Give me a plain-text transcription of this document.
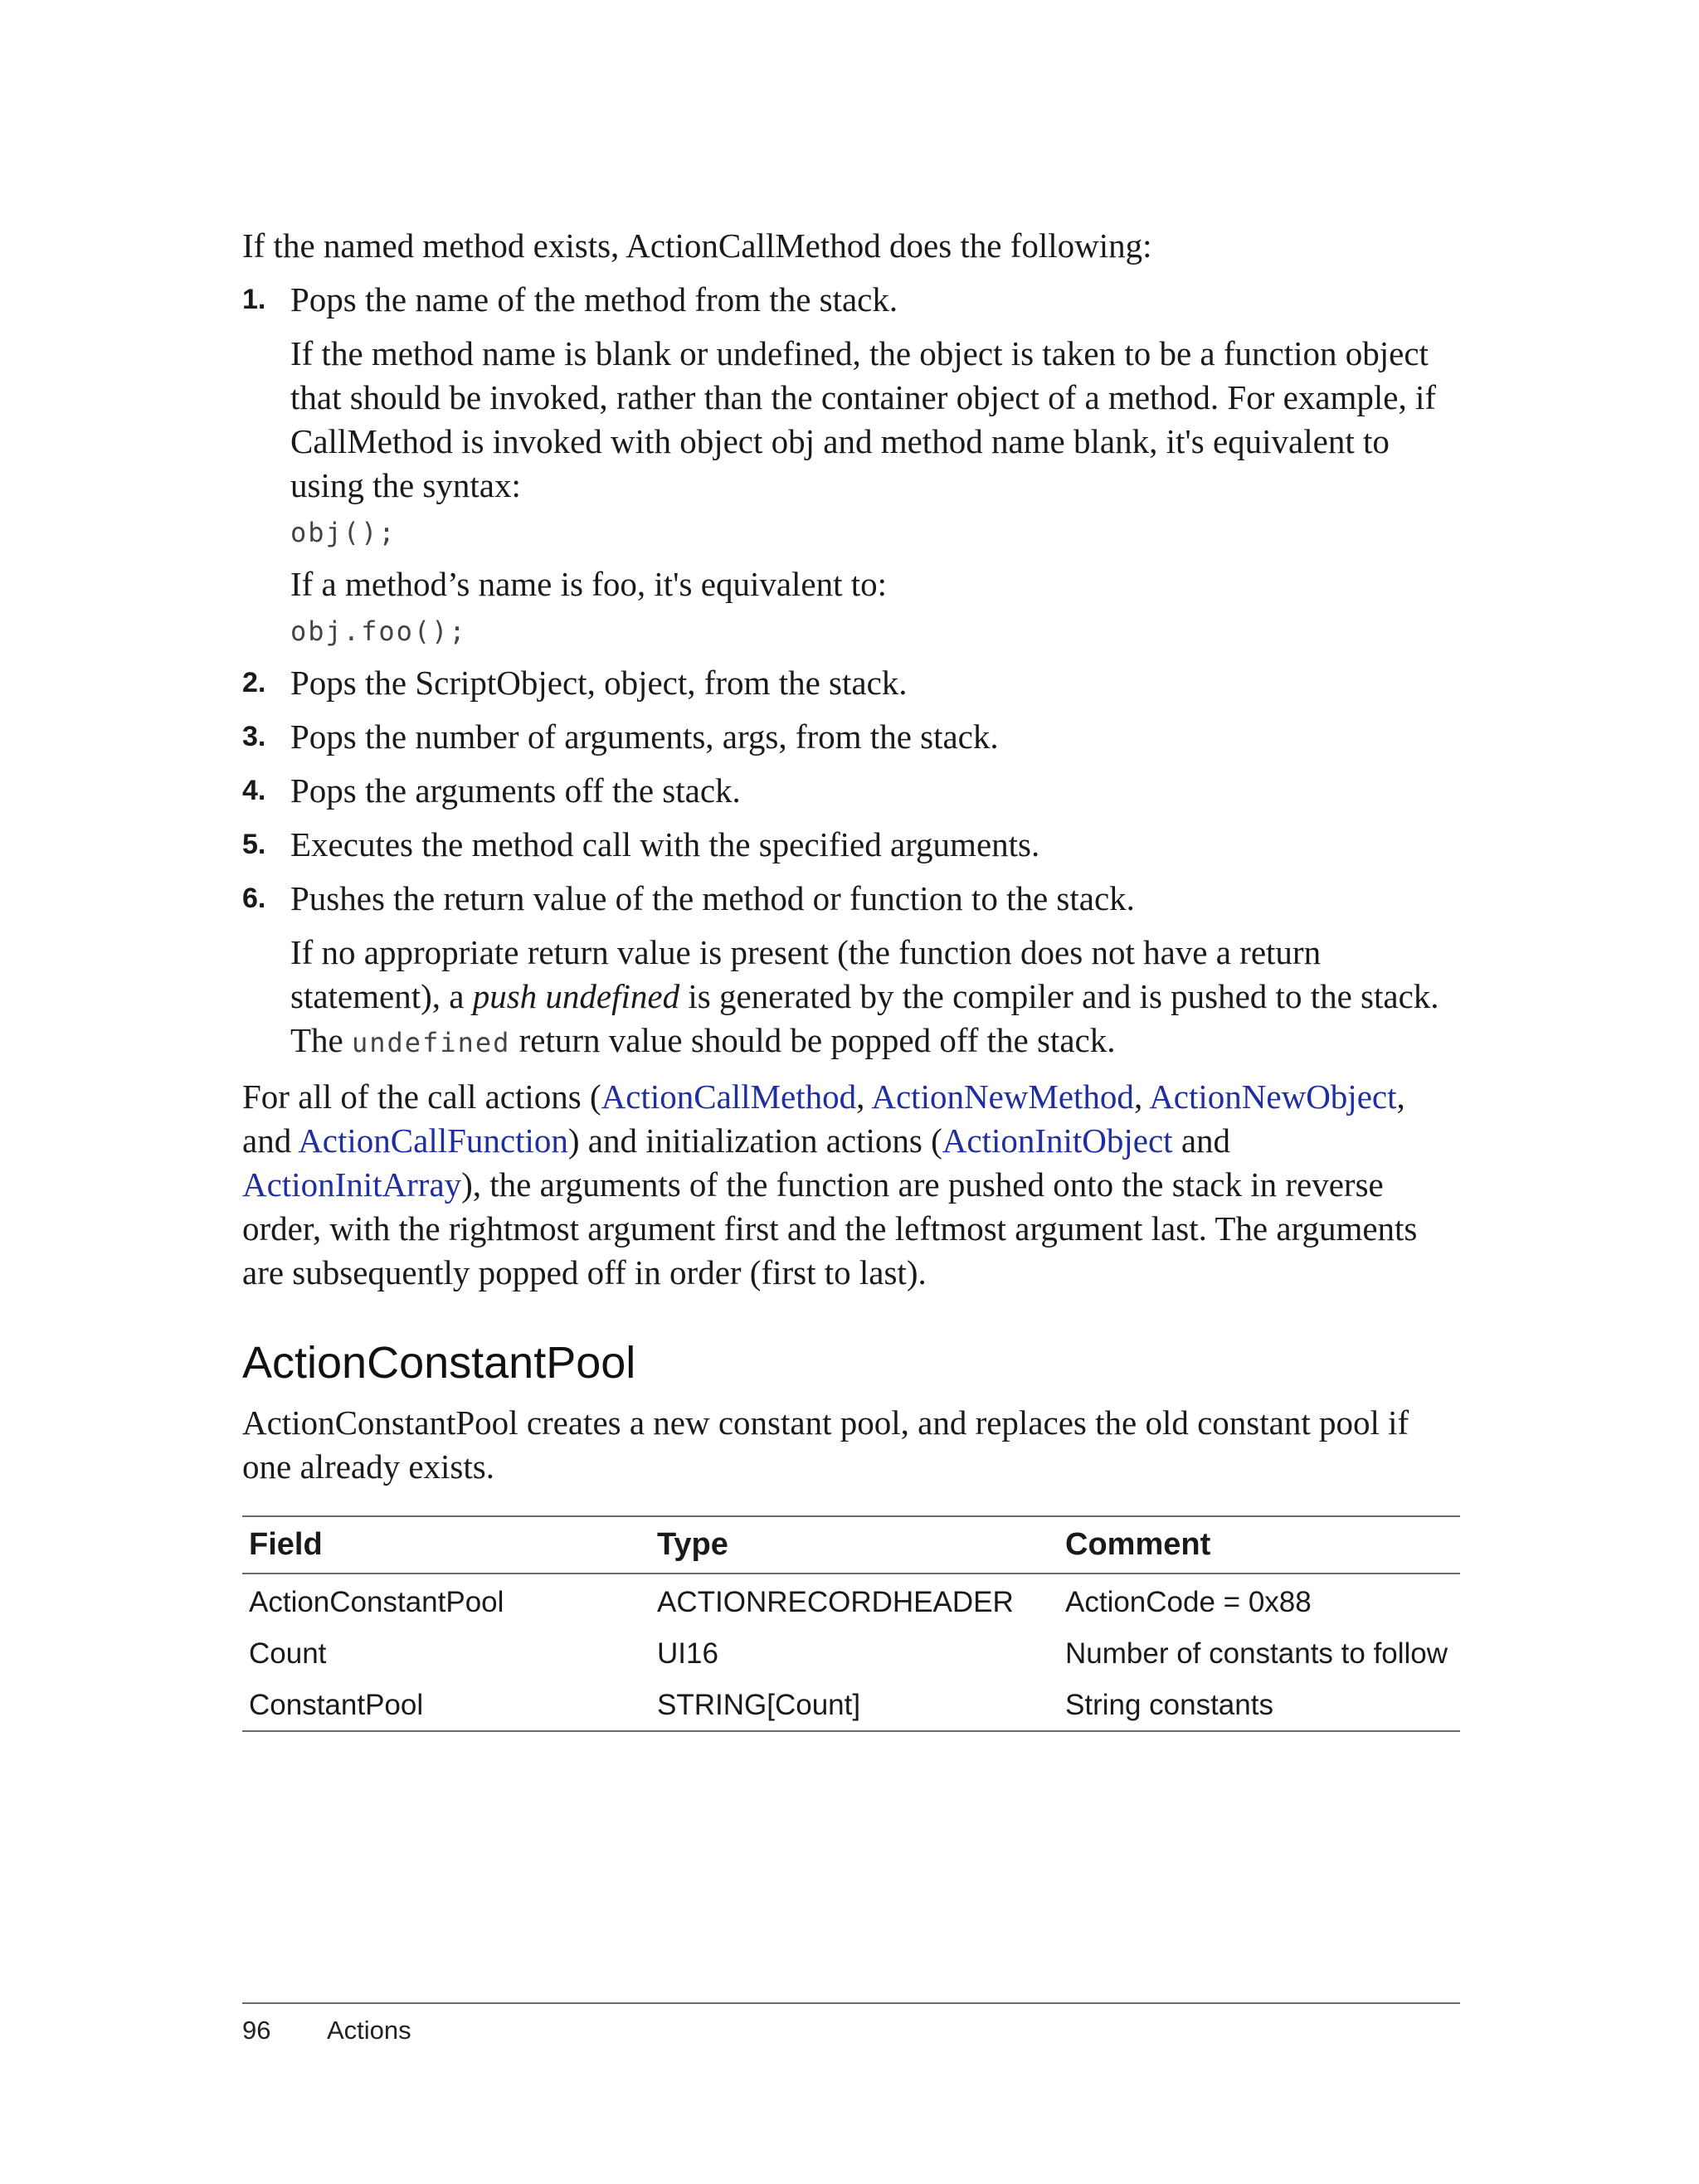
If the named method exists, ActionCallMethod does the following:

1. Pops the name of the method from the stack.

If the method name is blank or undefined, the object is taken to be a function object that should be invoked, rather than the container object of a method. For example, if CallMethod is invoked with object obj and method name blank, it's equivalent to using the syntax:

obj();

If a method’s name is foo, it's equivalent to:

obj.foo();
2. Pops the ScriptObject, object, from the stack.
3. Pops the number of arguments, args, from the stack.
4. Pops the arguments off the stack.
5. Executes the method call with the specified arguments.
6. Pushes the return value of the method or function to the stack.

If no appropriate return value is present (the function does not have a return statement), a push undefined is generated by the compiler and is pushed to the stack. The undefined return value should be popped off the stack.

For all of the call actions (ActionCallMethod, ActionNewMethod, ActionNewObject, and ActionCallFunction) and initialization actions (ActionInitObject and ActionInitArray), the arguments of the function are pushed onto the stack in reverse order, with the rightmost argument first and the leftmost argument last. The arguments are subsequently popped off in order (first to last).

ActionConstantPool

ActionConstantPool creates a new constant pool, and replaces the old constant pool if one already exists.

Field	Type	Comment
ActionConstantPool	ACTIONRECORDHEADER	ActionCode = 0x88
Count	UI16	Number of constants to follow
ConstantPool	STRING[Count]	String constants
96 Actions
